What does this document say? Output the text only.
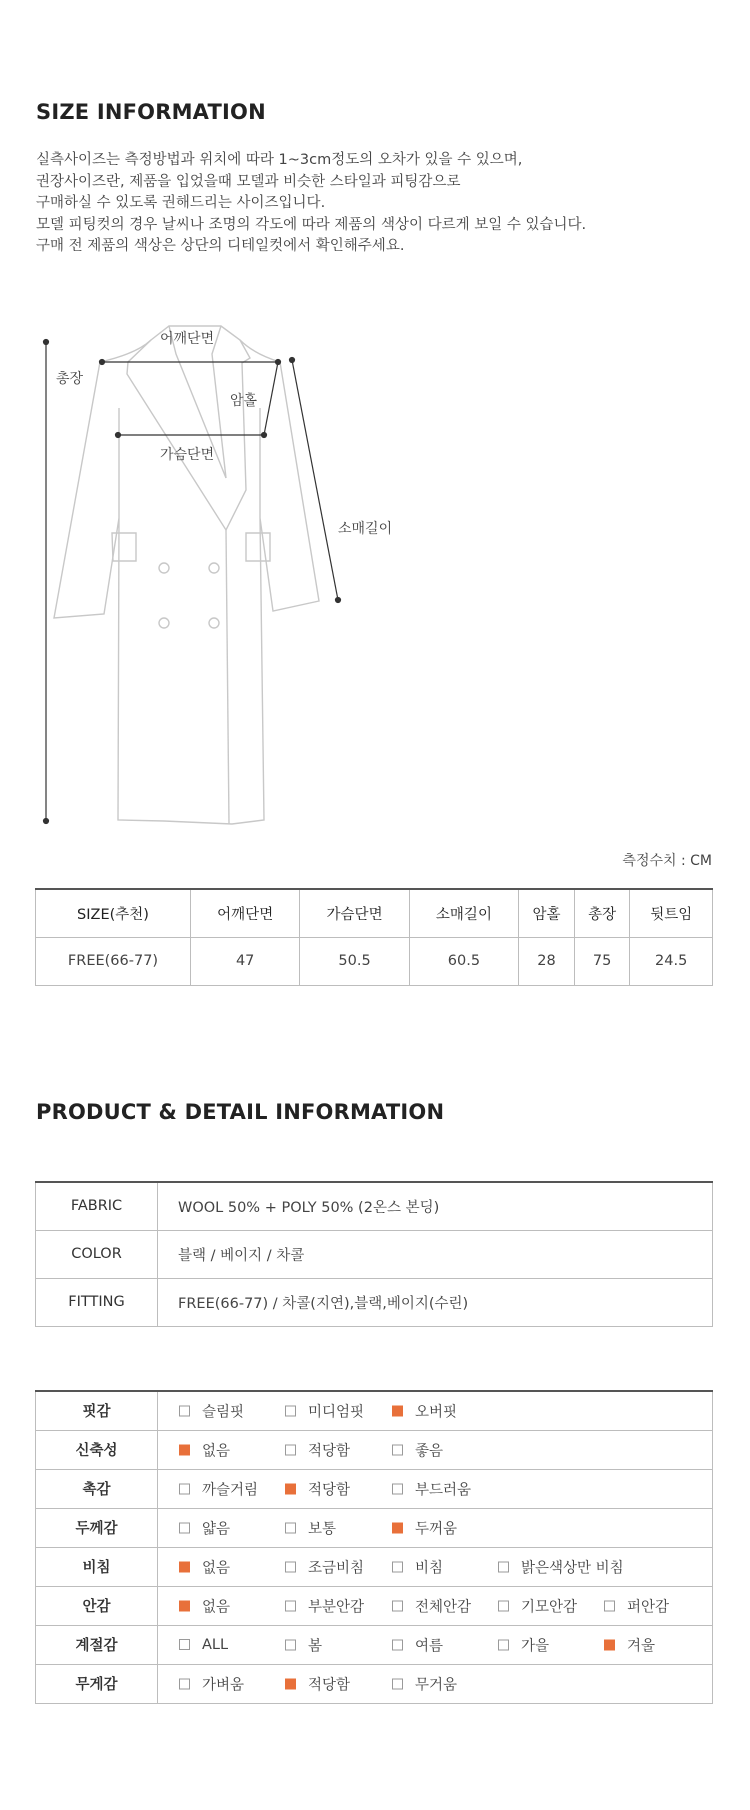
SIZE INFORMATION
실측사이즈는 측정방법과 위치에 따라 1~3cm정도의 오차가 있을 수 있으며,
권장사이즈란, 제품을 입었을때 모델과 비슷한 스타일과 피팅감으로
구매하실 수 있도록 권해드리는 사이즈입니다.
모델 피팅컷의 경우 날씨나 조명의 각도에 따라 제품의 색상이 다르게 보일 수 있습니다.
구매 전 제품의 색상은 상단의 디테일컷에서 확인해주세요.
어깨단면
총장
암홀
가슴단면
소매길이
측정수치 : CM
SIZE(추천)	어깨단면	가슴단면	소매길이	암홀	총장	뒷트임
FREE(66-77)	47	50.5	60.5	28	75	24.5
PRODUCT & DETAIL INFORMATION
FABRIC	WOOL 50% + POLY 50% (2온스 본딩)
COLOR	블랙 / 베이지 / 차콜
FITTING	FREE(66-77) / 차콜(지연),블랙,베이지(수린)
핏감	슬림핏 미디엄핏 오버핏

신축성	없음 적당함 좋음

촉감	까슬거림 적당함 부드러움

두께감	얇음 보통 두꺼움

비침	없음 조금비침 비침 밝은색상만 비침

안감	없음 부분안감 전체안감 기모안감 퍼안감

계절감	ALL 봄 여름 가을 겨울

무게감	가벼움 적당함 무거움
